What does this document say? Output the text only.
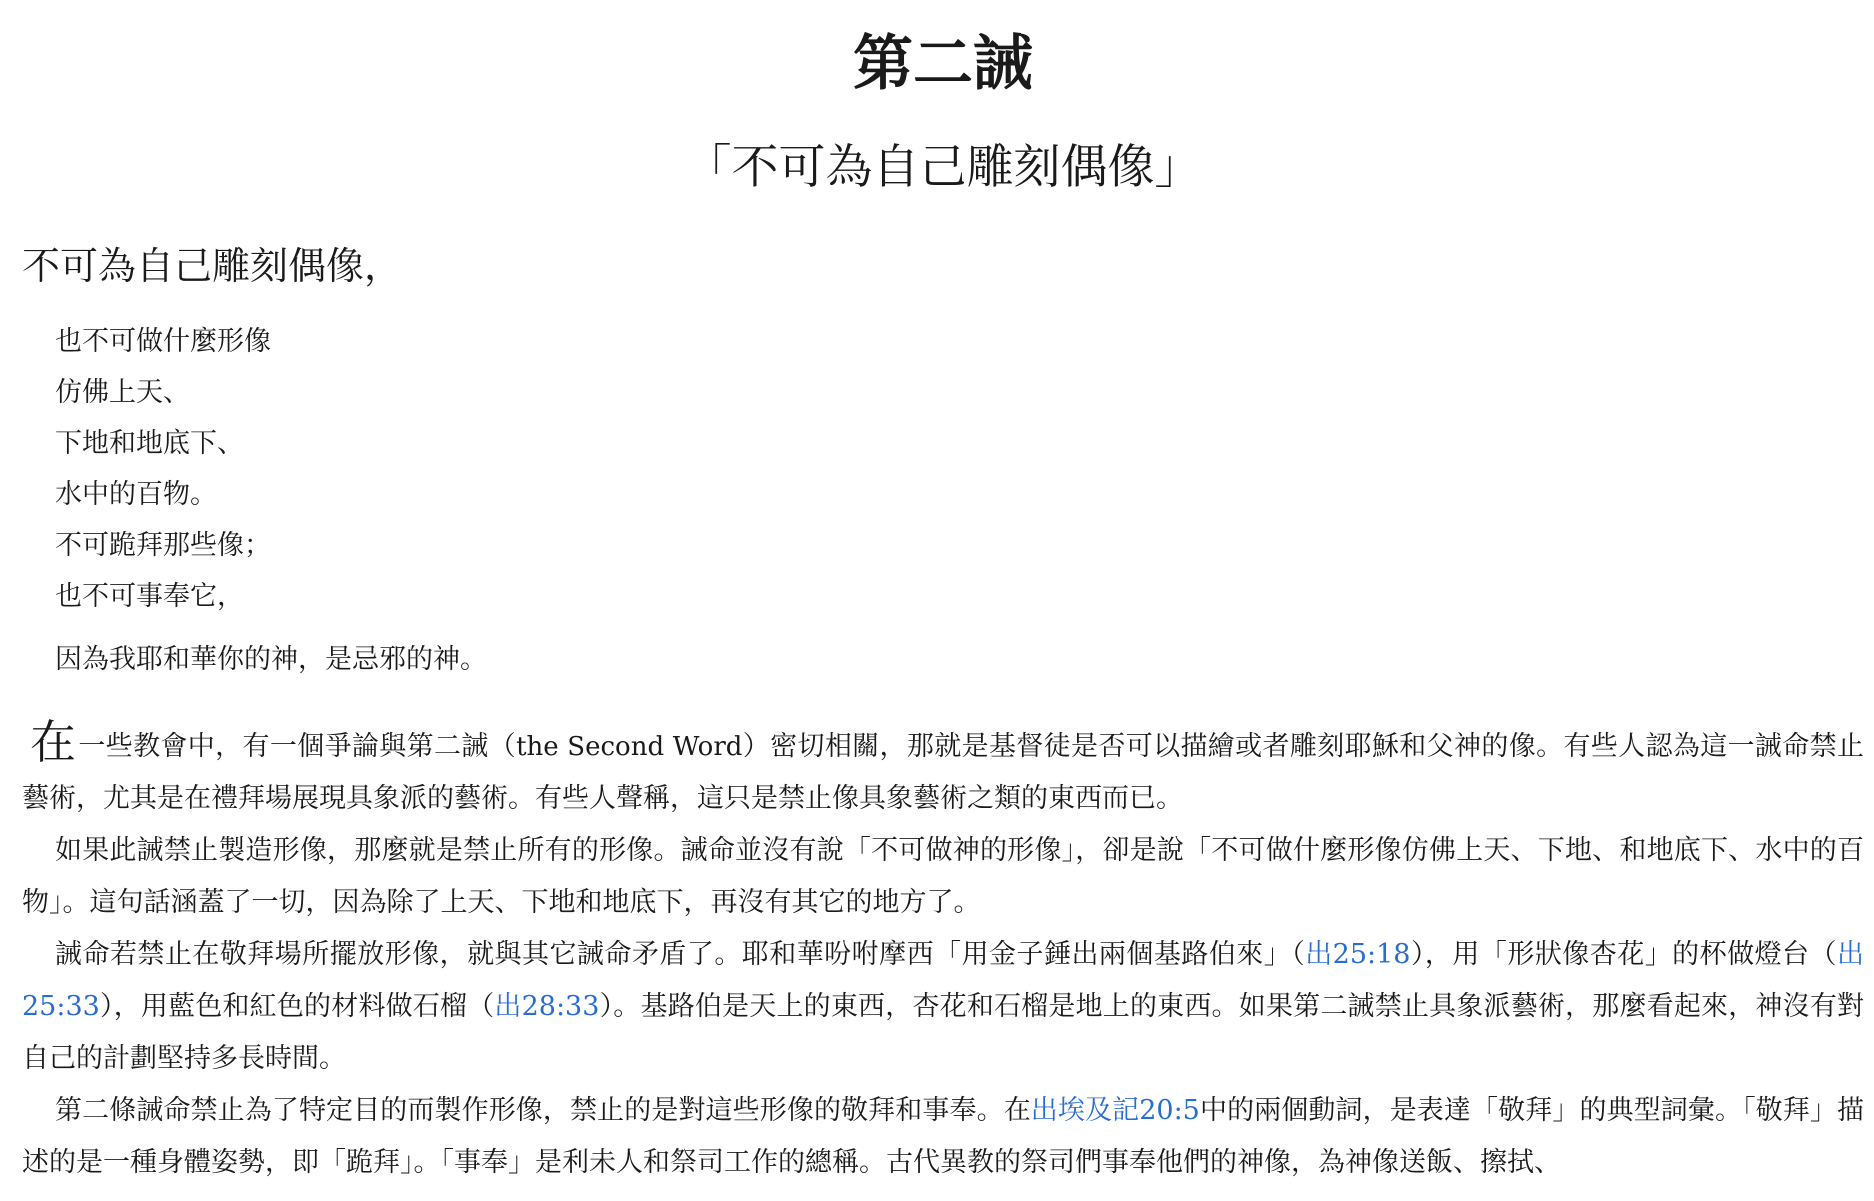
第二誡
「不可為自己雕刻偶像」
不可為自己雕刻偶像，
也不可做什麼形像
仿佛上天、
下地和地底下、
水中的百物。
不可跪拜那些像；
也不可事奉它，
因為我耶和華你的神，是忌邪的神。

在一些教會中，有一個爭論與第二誡（the Second Word）密切相關，那就是基督徒是否可以描繪或者雕刻耶穌和父神的像。有些人認為這一誡命禁止藝術，尤其是在禮拜場展現具象派的藝術。有些人聲稱，這只是禁止像具象藝術之類的東西而已。

如果此誡禁止製造形像，那麼就是禁止所有的形像。誡命並沒有說「不可做神的形像」，卻是說「不可做什麼形像仿佛上天、下地、和地底下、水中的百物」。這句話涵蓋了一切，因為除了上天、下地和地底下，再沒有其它的地方了。

誡命若禁止在敬拜場所擺放形像，就與其它誡命矛盾了。耶和華吩咐摩西「用金子錘出兩個基路伯來」（出25:18），用「形狀像杏花」的杯做燈台（出25:33），用藍色和紅色的材料做石榴（出28:33）。基路伯是天上的東西，杏花和石榴是地上的東西。如果第二誡禁止具象派藝術，那麼看起來，神沒有對自己的計劃堅持多長時間。

第二條誡命禁止為了特定目的而製作形像，禁止的是對這些形像的敬拜和事奉。在出埃及記20:5中的兩個動詞，是表達「敬拜」的典型詞彙。「敬拜」描述的是一種身體姿勢，即「跪拜」。「事奉」是利未人和祭司工作的總稱。古代異教的祭司們事奉他們的神像，為神像送飯、擦拭、
